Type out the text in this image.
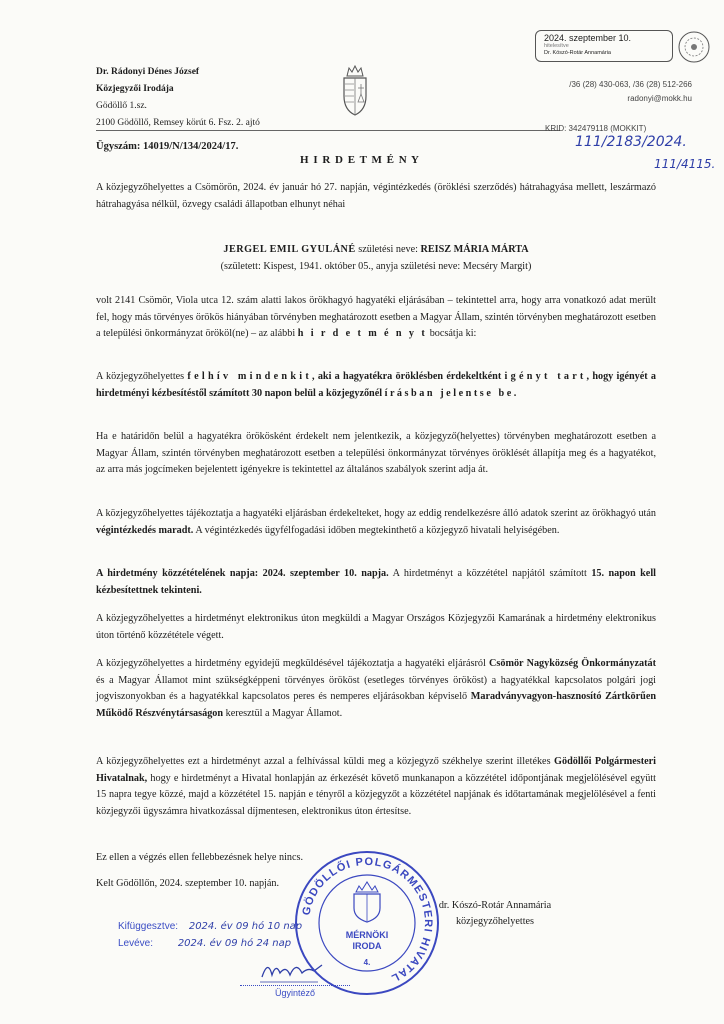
Dr. Rádonyi Dénes József
Közjegyzői Irodája
Gödöllő 1.sz.
2100 Gödöllő, Remsey körút 6. Fsz. 2. ajtó
2024. szeptember 10.
hitelesítve
Dr. Kószó-Rotár Annamária
/36 (28) 430-063, /36 (28) 512-266
radonyi@mokk.hu
KRID: 342479118 (MOKKIT)
111/2183/2024.
111/4115.
Ügyszám: 14019/N/134/2024/17.
H I R D E T M É N Y
A közjegyzőhelyettes a Csömörön, 2024. év január hó 27. napján, végintézkedés (öröklési szerződés) hátrahagyása mellett, leszármazó hátrahagyása nélkül, özvegy családi állapotban elhunyt néhai
JERGEL EMIL GYULÁNÉ születési neve: REISZ MÁRIA MÁRTA
(született: Kispest, 1941. október 05., anyja születési neve: Mecséry Margit)
volt 2141 Csömör, Viola utca 12. szám alatti lakos örökhagyó hagyatéki eljárásában – tekintettel arra, hogy arra vonatkozó adat merült fel, hogy más törvényes örökös hiányában törvényben meghatározott esetben a Magyar Állam, szintén törvényben meghatározott esetben a települési önkormányzat örököl(ne) – az alábbi h i r d e t m é n y t bocsátja ki:
A közjegyzőhelyettes f e l h í v   m i n d e n k i t , aki a hagyatékra öröklésben érdekeltként i g é n y t   t a r t , hogy igényét a hirdetményi kézbesítéstől számított 30 napon belül a közjegyzőnél í r á s b a n   j e l e n t s e   b e .
Ha e határidőn belül a hagyatékra örökösként érdekelt nem jelentkezik, a közjegyző(helyettes) törvényben meghatározott esetben a Magyar Állam, szintén törvényben meghatározott esetben a települési önkormányzat törvényes öröklését állapítja meg és a hagyatékot, az arra más jogcímeken bejelentett igényekre is tekintettel az általános szabályok szerint adja át.
A közjegyzőhelyettes tájékoztatja a hagyatéki eljárásban érdekelteket, hogy az eddig rendelkezésre álló adatok szerint az örökhagyó után végintézkedés maradt. A végintézkedés ügyfélfogadási időben megtekinthető a közjegyző hivatali helyiségében.
A hirdetmény közzétételének napja: 2024. szeptember 10. napja. A hirdetményt a közzététel napjától számított 15. napon kell kézbesítettnek tekinteni.
A közjegyzőhelyettes a hirdetményt elektronikus úton megküldi a Magyar Országos Közjegyzői Kamarának a hirdetmény elektronikus úton történő közzététele végett.
A közjegyzőhelyettes a hirdetmény egyidejű megküldésével tájékoztatja a hagyatéki eljárásról Csömör Nagyközség Önkormányzatát és a Magyar Államot mint szükségképpeni törvényes örököst (esetleges törvényes örököst) a hagyatékkal kapcsolatos polgári jogi jogviszonyokban és a hagyatékkal kapcsolatos peres és nemperes eljárásokban képviselő Maradványvagyon-hasznosító Zártkörűen Működő Részvénytársaságon keresztül a Magyar Államot.
A közjegyzőhelyettes ezt a hirdetményt azzal a felhívással küldi meg a közjegyző székhelye szerint illetékes Gödöllői Polgármesteri Hivatalnak, hogy e hirdetményt a Hivatal honlapján az érkezését követő munkanapon a közzététel időpontjának megjelölésével együtt 15 napra tegye közzé, majd a közzététel 15. napján e tényről a közjegyzőt a közzététel napjának és időtartamának megjelölésével a fenti közjegyzői ügyszámra hivatkozással díjmentesen, elektronikus úton értesítse.
Ez ellen a végzés ellen fellebbezésnek helye nincs.
Kelt Gödöllőn, 2024. szeptember 10. napján.
dr. Kószó-Rotár Annamária
közjegyzőhelyettes
Kifüggesztve: 2024. év 09 hó 10 nap
Levéve: 2024. év 09 hó 24 nap
Ügyintéző
GÖDÖLLŐI POLGÁRMESTERI HIVATAL
MÉRNÖKI
IRODA
4.
